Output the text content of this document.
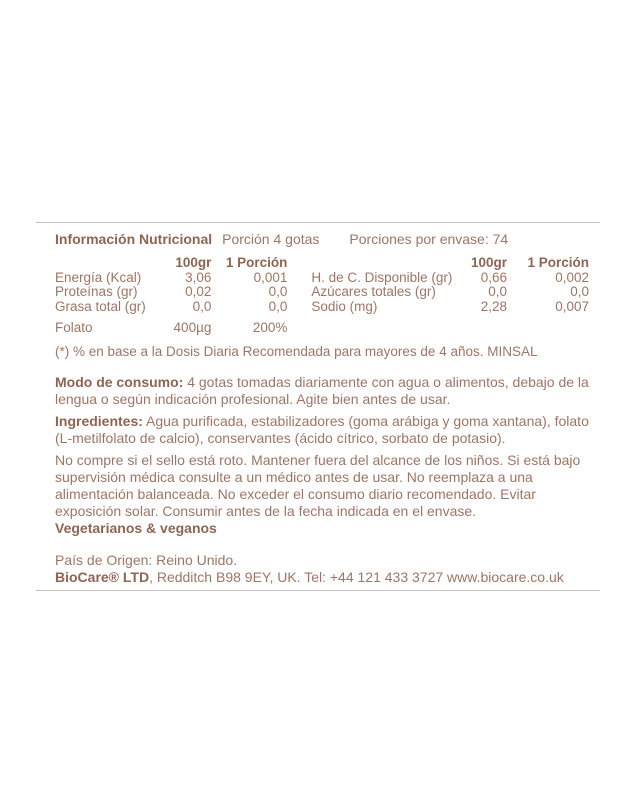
Información Nutricional Porción 4 gotas Porciones por envase: 74
100gr	1 Porción
Energía (Kcal)	3,06	0,001
Proteínas (gr)	0,02	0,0
Grasa total (gr)	0,0	0,0
Folato	400µg	200%
100gr	1 Porción
H. de C. Disponible (gr)	0,66	0,002
Azúcares totales (gr)	0,0	0,0
Sodio (mg)	2,28	0,007
(*) % en base a la Dosis Diaria Recomendada para mayores de 4 años. MINSAL
Modo de consumo: 4 gotas tomadas diariamente con agua o alimentos, debajo de la lengua o según indicación profesional. Agite bien antes de usar.
Ingredientes: Agua purificada, estabilizadores (goma arábiga y goma xantana), folato (L-metilfolato de calcio), conservantes (ácido cítrico, sorbato de potasio).
No compre si el sello está roto. Mantener fuera del alcance de los niños. Si está bajo supervisión médica consulte a un médico antes de usar. No reemplaza a una alimentación balanceada. No exceder el consumo diario recomendado. Evitar exposición solar. Consumir antes de la fecha indicada en el envase.
Vegetarianos & veganos
País de Origen: Reino Unido.
BioCare® LTD, Redditch B98 9EY, UK. Tel: +44 121 433 3727 www.biocare.co.uk
